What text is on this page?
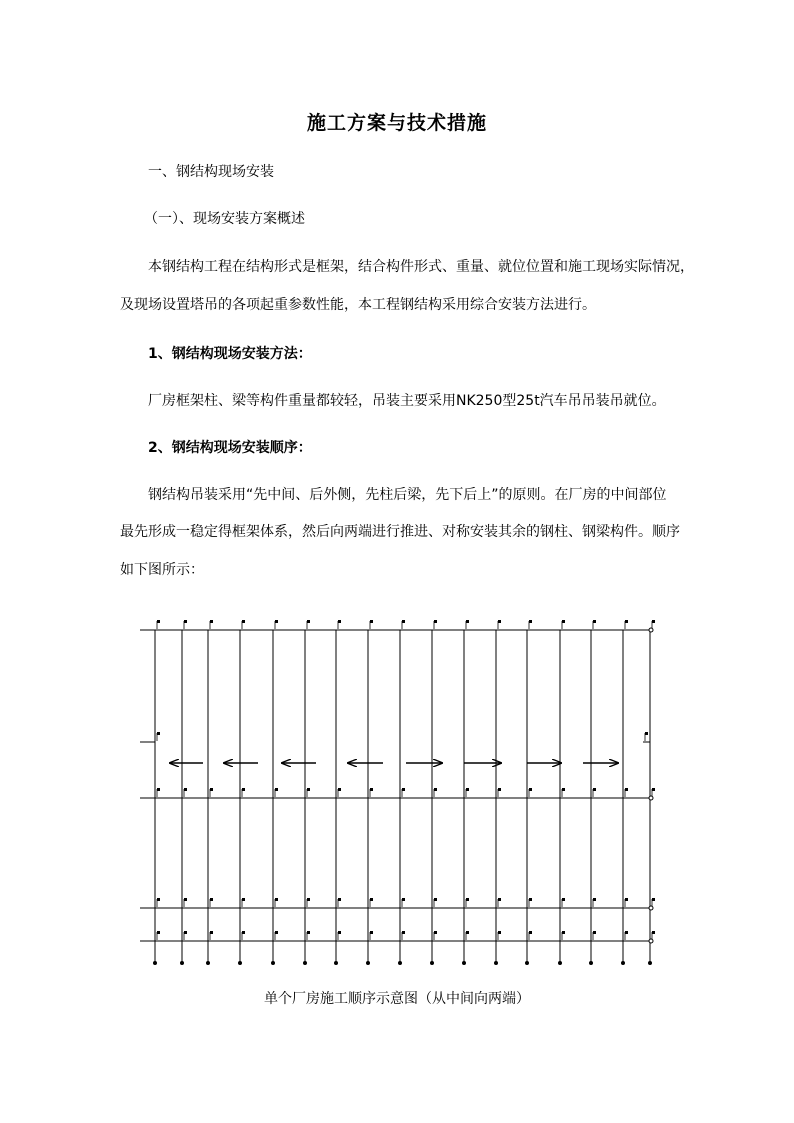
施工方案与技术措施
一、钢结构现场安装
（一）、现场安装方案概述
本钢结构工程在结构形式是框架，结合构件形式、重量、就位位置和施工现场实际情况，
及现场设置塔吊的各项起重参数性能，本工程钢结构采用综合安装方法进行。
1、钢结构现场安装方法：
厂房框架柱、梁等构件重量都较轻，吊装主要采用NK250型25t汽车吊吊装吊就位。
2、钢结构现场安装顺序：
钢结构吊装采用“先中间、后外侧，先柱后梁，先下后上”的原则。在厂房的中间部位
最先形成一稳定得框架体系，然后向两端进行推进、对称安装其余的钢柱、钢梁构件。顺序
如下图所示：
单个厂房施工顺序示意图（从中间向两端）
